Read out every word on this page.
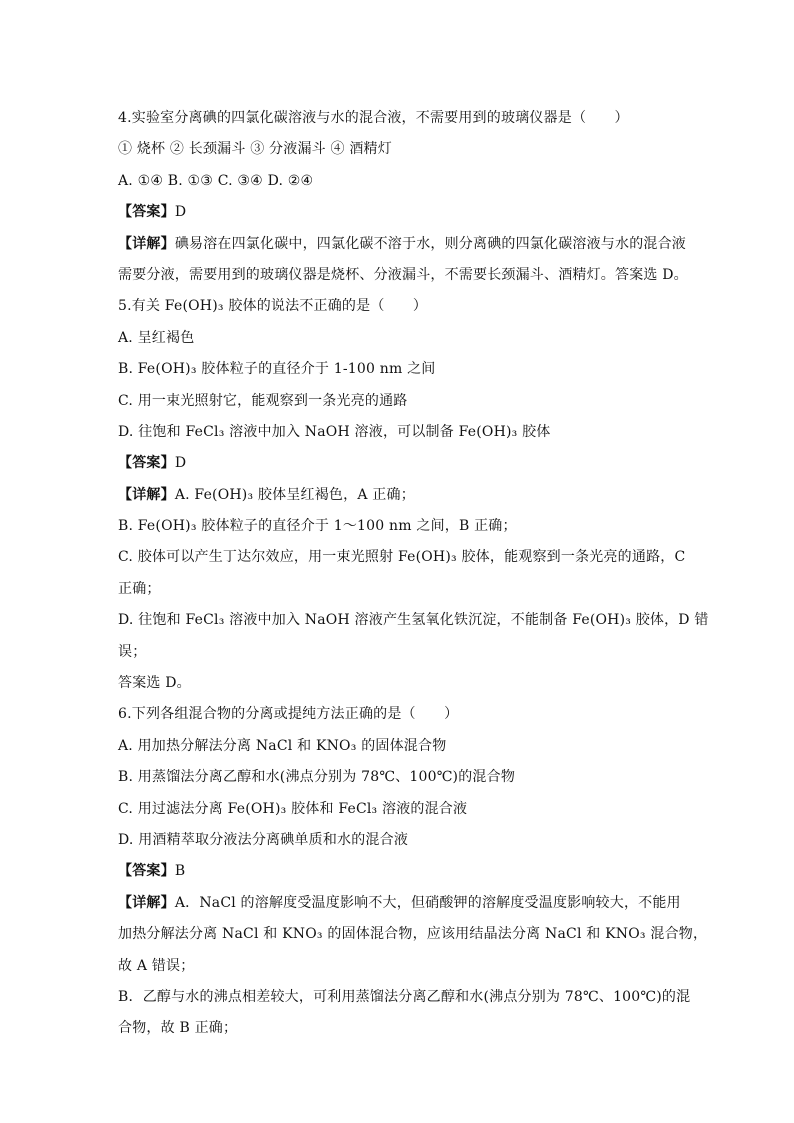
4.实验室分离碘的四氯化碳溶液与水的混合液，不需要用到的玻璃仪器是（　　）
① 烧杯 ② 长颈漏斗 ③ 分液漏斗 ④ 酒精灯
A. ①④ B. ①③ C. ③④ D. ②④
【答案】D
【详解】碘易溶在四氯化碳中，四氯化碳不溶于水，则分离碘的四氯化碳溶液与水的混合液
需要分液，需要用到的玻璃仪器是烧杯、分液漏斗，不需要长颈漏斗、酒精灯。答案选 D。
5.有关 Fe(OH)₃ 胶体的说法不正确的是（　　）
A. 呈红褐色
B. Fe(OH)₃ 胶体粒子的直径介于 1-100 nm 之间
C. 用一束光照射它，能观察到一条光亮的通路
D. 往饱和 FeCl₃ 溶液中加入 NaOH 溶液，可以制备 Fe(OH)₃ 胶体
【答案】D
【详解】A. Fe(OH)₃ 胶体呈红褐色，A 正确；
B. Fe(OH)₃ 胶体粒子的直径介于 1～100 nm 之间，B 正确；
C. 胶体可以产生丁达尔效应，用一束光照射 Fe(OH)₃ 胶体，能观察到一条光亮的通路，C
正确；
D. 往饱和 FeCl₃ 溶液中加入 NaOH 溶液产生氢氧化铁沉淀，不能制备 Fe(OH)₃ 胶体，D 错
误；
答案选 D。
6.下列各组混合物的分离或提纯方法正确的是（　　）
A. 用加热分解法分离 NaCl 和 KNO₃ 的固体混合物
B. 用蒸馏法分离乙醇和水(沸点分别为 78℃、100℃)的混合物
C. 用过滤法分离 Fe(OH)₃ 胶体和 FeCl₃ 溶液的混合液
D. 用酒精萃取分液法分离碘单质和水的混合液
【答案】B
【详解】A．NaCl 的溶解度受温度影响不大，但硝酸钾的溶解度受温度影响较大，不能用
加热分解法分离 NaCl 和 KNO₃ 的固体混合物，应该用结晶法分离 NaCl 和 KNO₃ 混合物，
故 A 错误；
B．乙醇与水的沸点相差较大，可利用蒸馏法分离乙醇和水(沸点分别为 78℃、100℃)的混
合物，故 B 正确；
